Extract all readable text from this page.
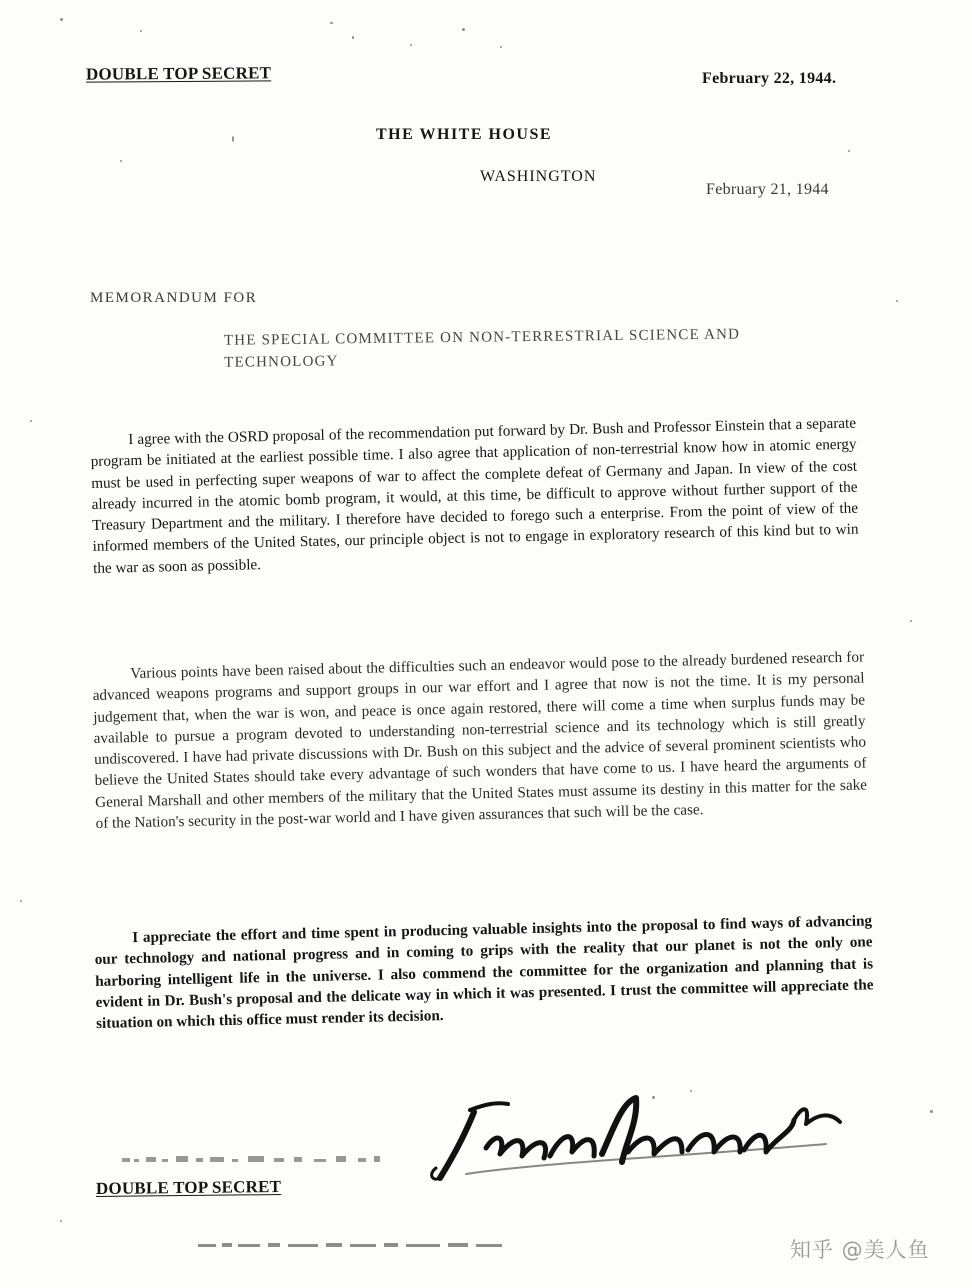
DOUBLE TOP SECRET	February 22, 1944.
THE WHITE HOUSE
WASHINGTON
February 21, 1944
MEMORANDUM FOR
THE SPECIAL COMMITTEE ON NON-TERRESTRIAL SCIENCE AND TECHNOLOGY

I agree with the OSRD proposal of the recommendation put forward by Dr. Bush and Professor Einstein that a separate program be initiated at the earliest possible time. I also agree that application of non-terrestrial know how in atomic energy must be used in perfecting super weapons of war to affect the complete defeat of Germany and Japan. In view of the cost already incurred in the atomic bomb program, it would, at this time, be difficult to approve without further support of the Treasury Department and the military. I therefore have decided to forego such a enterprise. From the point of view of the informed members of the United States, our principle object is not to engage in exploratory research of this kind but to win the war as soon as possible.

Various points have been raised about the difficulties such an endeavor would pose to the already burdened research for advanced weapons programs and support groups in our war effort and I agree that now is not the time. It is my personal judgement that, when the war is won, and peace is once again restored, there will come a time when surplus funds may be available to pursue a program devoted to understanding non-terrestrial science and its technology which is still greatly undiscovered. I have had private discussions with Dr. Bush on this subject and the advice of several prominent scientists who believe the United States should take every advantage of such wonders that have come to us. I have heard the arguments of General Marshall and other members of the military that the United States must assume its destiny in this matter for the sake of the Nation's security in the post-war world and I have given assurances that such will be the case.

I appreciate the effort and time spent in producing valuable insights into the proposal to find ways of advancing our technology and national progress and in coming to grips with the reality that our planet is not the only one harboring intelligent life in the universe. I also commend the committee for the organization and planning that is evident in Dr. Bush's proposal and the delicate way in which it was presented. I trust the committee will appreciate the situation on which this office must render its decision.

Franklin D. Roosevelt
DOUBLE TOP SECRET
知乎 @美人鱼
